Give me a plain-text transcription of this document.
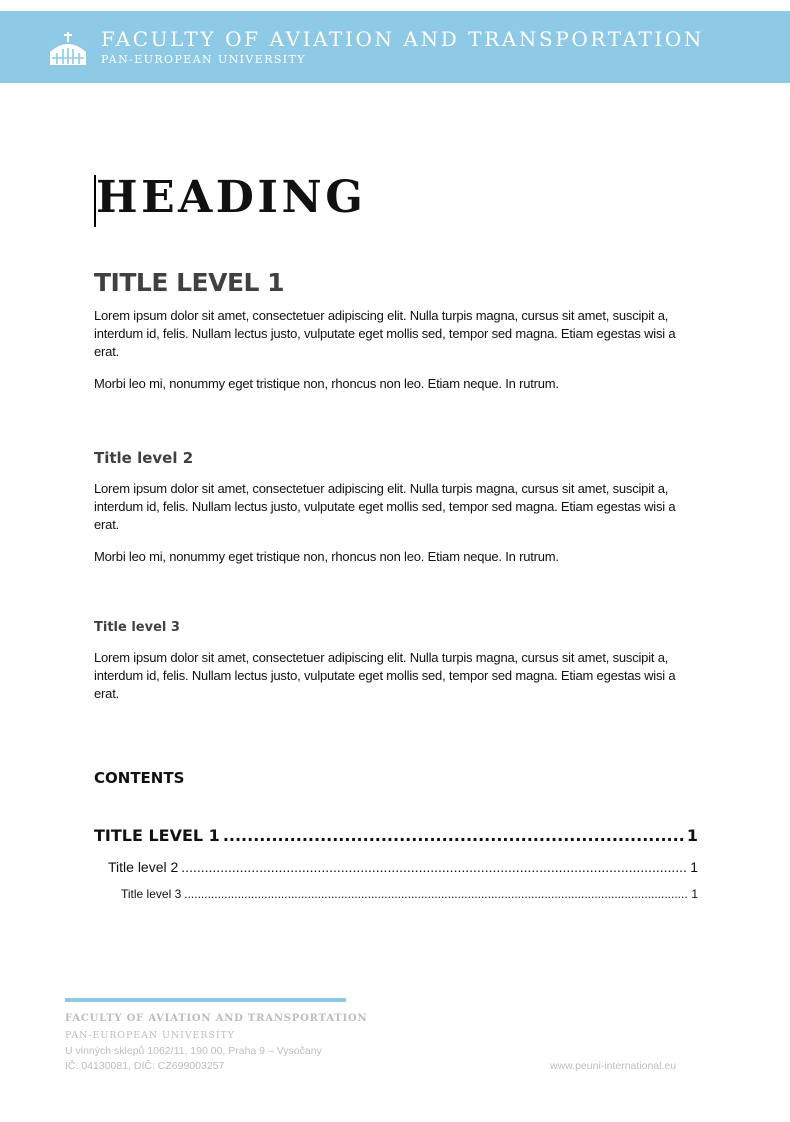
FACULTY OF AVIATION AND TRANSPORTATION
PAN-EUROPEAN UNIVERSITY
HEADING
TITLE LEVEL 1
Lorem ipsum dolor sit amet, consectetuer adipiscing elit. Nulla turpis magna, cursus sit amet, suscipit a, interdum id, felis. Nullam lectus justo, vulputate eget mollis sed, tempor sed magna. Etiam egestas wisi a erat.
Morbi leo mi, nonummy eget tristique non, rhoncus non leo. Etiam neque. In rutrum.
Title level 2
Lorem ipsum dolor sit amet, consectetuer adipiscing elit. Nulla turpis magna, cursus sit amet, suscipit a, interdum id, felis. Nullam lectus justo, vulputate eget mollis sed, tempor sed magna. Etiam egestas wisi a erat.
Morbi leo mi, nonummy eget tristique non, rhoncus non leo. Etiam neque. In rutrum.
Title level 3
Lorem ipsum dolor sit amet, consectetuer adipiscing elit. Nulla turpis magna, cursus sit amet, suscipit a, interdum id, felis. Nullam lectus justo, vulputate eget mollis sed, tempor sed magna. Etiam egestas wisi a erat.
CONTENTS
TITLE LEVEL 1 .....	1
Title level 2 .....	1
Title level 3 .....	1
FACULTY OF AVIATION AND TRANSPORTATION
PAN-EUROPEAN UNIVERSITY
U vinných sklepů 1062/11, 190 00, Praha 9 – Vysočany
IČ: 04130081, DIČ: CZ699003257	www.peuni-international.eu
